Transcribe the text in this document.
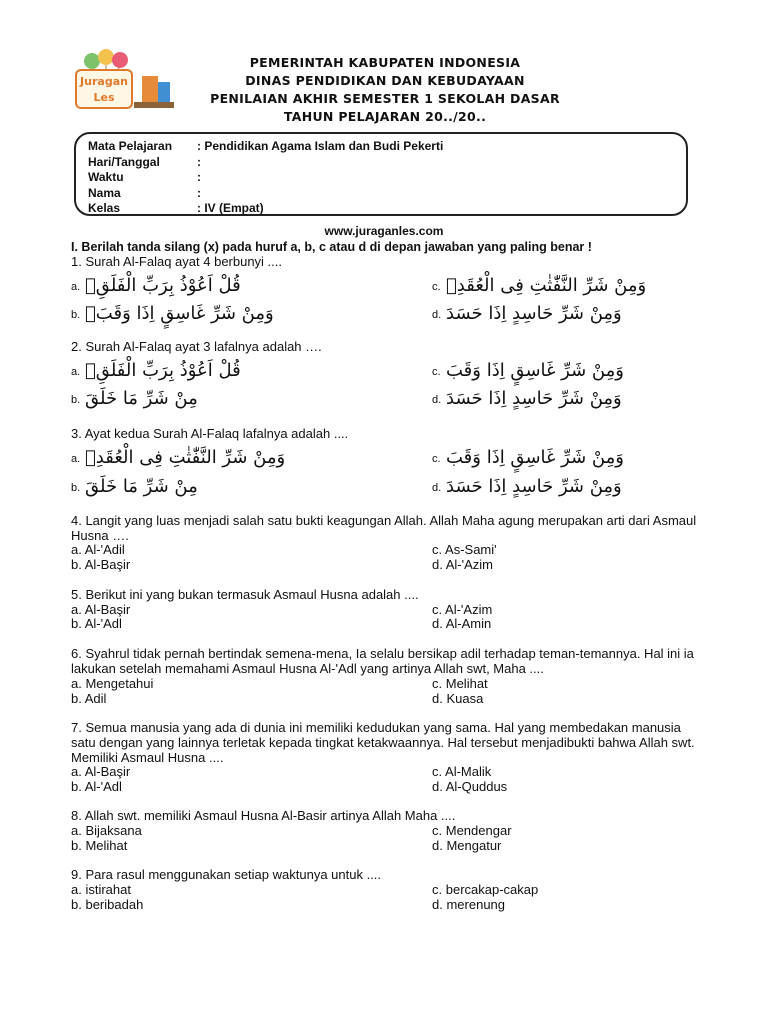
Juragan
Les
PEMERINTAH KABUPATEN INDONESIA
DINAS PENDIDIKAN DAN KEBUDAYAAN
PENILAIAN AKHIR SEMESTER 1 SEKOLAH DASAR
TAHUN PELAJARAN 20../20..
Mata Pelajaran	: Pendidikan Agama Islam dan Budi Pekerti
Hari/Tanggal	:
Waktu	:
Nama	:
Kelas	: IV (Empat)
www.juraganles.com
I. Berilah tanda silang (x) pada huruf a, b, c atau d di depan jawaban yang paling benar !
1. Surah Al-Falaq ayat 4 berbunyi ....
a. قُلْ اَعُوْذُ بِرَبِّ الْفَلَقِۙ
b. وَمِنْ شَرِّ غَاسِقٍ اِذَا وَقَبَۙ
c. وَمِنْ شَرِّ النَّفّٰثٰتِ فِى الْعُقَدِۙ
d. وَمِنْ شَرِّ حَاسِدٍ اِذَا حَسَدَ
2. Surah Al-Falaq ayat 3 lafalnya adalah ….
a. قُلْ اَعُوْذُ بِرَبِّ الْفَلَقِۙ
b. مِنْ شَرِّ مَا خَلَقَ
c. وَمِنْ شَرِّ غَاسِقٍ اِذَا وَقَبَ
d. وَمِنْ شَرِّ حَاسِدٍ اِذَا حَسَدَ
3. Ayat kedua Surah Al-Falaq lafalnya adalah ....
a. وَمِنْ شَرِّ النَّفّٰثٰتِ فِى الْعُقَدِۙ
b. مِنْ شَرِّ مَا خَلَقَ
c. وَمِنْ شَرِّ غَاسِقٍ اِذَا وَقَبَ
d. وَمِنْ شَرِّ حَاسِدٍ اِذَا حَسَدَ
4. Langit yang luas menjadi salah satu bukti keagungan Allah. Allah Maha agung merupakan arti dari Asmaul Husna ….
a. Al-'Adil
b. Al-Başir
c. As-Sami'
d. Al-'Azim
5. Berikut ini yang bukan termasuk Asmaul Husna adalah ....
a. Al-Başir
b. Al-'Adl
c. Al-'Azim
d. Al-Amin
6. Syahrul tidak pernah bertindak semena-mena, Ia selalu bersikap adil terhadap teman-temannya. Hal ini ia lakukan setelah memahami Asmaul Husna Al-'Adl yang artinya Allah swt, Maha ....
a. Mengetahui
b. Adil
c. Melihat
d. Kuasa
7. Semua manusia yang ada di dunia ini memiliki kedudukan yang sama. Hal yang membedakan manusia satu dengan yang lainnya terletak kepada tingkat ketakwaannya. Hal tersebut menjadibukti bahwa Allah swt. Memiliki Asmaul Husna ....
a. Al-Başir
b. Al-'Adl
c. Al-Malik
d. Al-Quddus
8. Allah swt. memiliki Asmaul Husna Al-Basir artinya Allah Maha ....
a. Bijaksana
b. Melihat
c. Mendengar
d. Mengatur
9. Para rasul menggunakan setiap waktunya untuk ....
a. istirahat
b. beribadah
c. bercakap-cakap
d. merenung
